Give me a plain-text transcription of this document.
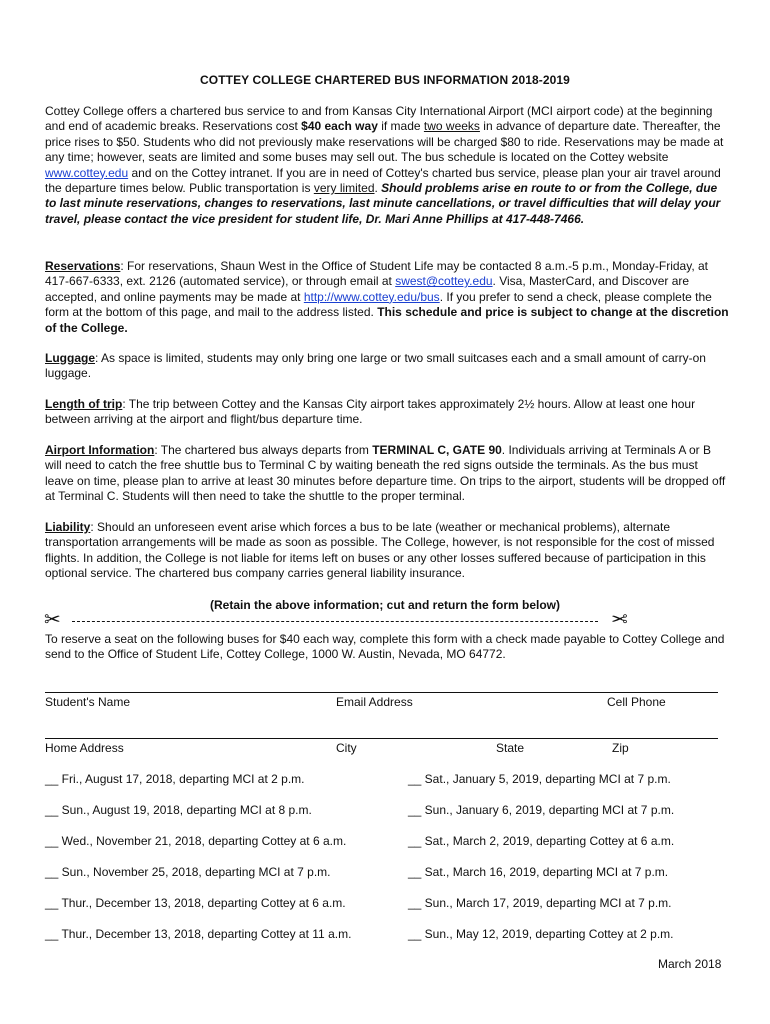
COTTEY COLLEGE CHARTERED BUS INFORMATION 2018-2019

Cottey College offers a chartered bus service to and from Kansas City International Airport (MCI airport code) at the beginning and end of academic breaks. Reservations cost $40 each way if made two weeks in advance of departure date. Thereafter, the price rises to $50. Students who did not previously make reservations will be charged $80 to ride. Reservations may be made at any time; however, seats are limited and some buses may sell out. The bus schedule is located on the Cottey website www.cottey.edu and on the Cottey intranet. If you are in need of Cottey's charted bus service, please plan your air travel around the departure times below. Public transportation is very limited. Should problems arise en route to or from the College, due to last minute reservations, changes to reservations, last minute cancellations, or travel difficulties that will delay your travel, please contact the vice president for student life, Dr. Mari Anne Phillips at 417-448-7466.

Reservations: For reservations, Shaun West in the Office of Student Life may be contacted 8 a.m.-5 p.m., Monday-Friday, at 417-667-6333, ext. 2126 (automated service), or through email at swest@cottey.edu. Visa, MasterCard, and Discover are accepted, and online payments may be made at http://www.cottey.edu/bus. If you prefer to send a check, please complete the form at the bottom of this page, and mail to the address listed. This schedule and price is subject to change at the discretion of the College.

Luggage: As space is limited, students may only bring one large or two small suitcases each and a small amount of carry-on luggage.

Length of trip: The trip between Cottey and the Kansas City airport takes approximately 2½ hours. Allow at least one hour between arriving at the airport and flight/bus departure time.

Airport Information: The chartered bus always departs from TERMINAL C, GATE 90. Individuals arriving at Terminals A or B will need to catch the free shuttle bus to Terminal C by waiting beneath the red signs outside the terminals. As the bus must leave on time, please plan to arrive at least 30 minutes before departure time. On trips to the airport, students will be dropped off at Terminal C. Students will then need to take the shuttle to the proper terminal.

Liability: Should an unforeseen event arise which forces a bus to be late (weather or mechanical problems), alternate transportation arrangements will be made as soon as possible. The College, however, is not responsible for the cost of missed flights. In addition, the College is not liable for items left on buses or any other losses suffered because of participation in this optional service. The chartered bus company carries general liability insurance.

(Retain the above information; cut and return the form below)
✂	✂

To reserve a seat on the following buses for $40 each way, complete this form with a check made payable to Cottey College and send to the Office of Student Life, Cottey College, 1000 W. Austin, Nevada, MO 64772.

Student's Name	Email Address	Cell Phone
Home Address	City	State	Zip
__ Fri., August 17, 2018, departing MCI at 2 p.m.
__ Sun., August 19, 2018, departing MCI at 8 p.m.
__ Wed., November 21, 2018, departing Cottey at 6 a.m.
__ Sun., November 25, 2018, departing MCI at 7 p.m.
__ Thur., December 13, 2018, departing Cottey at 6 a.m.
__ Thur., December 13, 2018, departing Cottey at 11 a.m.
__ Sat., January 5, 2019, departing MCI at 7 p.m.
__ Sun., January 6, 2019, departing MCI at 7 p.m.
__ Sat., March 2, 2019, departing Cottey at 6 a.m.
__ Sat., March 16, 2019, departing MCI at 7 p.m.
__ Sun., March 17, 2019, departing MCI at 7 p.m.
__ Sun., May 12, 2019, departing Cottey at 2 p.m.
March 2018
